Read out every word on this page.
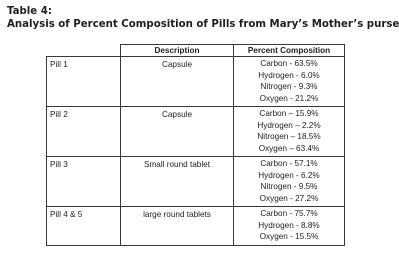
Table 4:
Analysis of Percent Composition of Pills from Mary’s Mother’s purse
	Description	Percent Composition
Pill 1	Capsule	Carbon - 63.5%
Hydrogen - 6.0%
Nitrogen - 9.3%
Oxygen - 21.2%

Pill 2	Capsule	Carbon – 15.9%
Hydrogen – 2.2%
Nitrogen – 18.5%
Oxygen – 63.4%

Pill 3	Small round tablet	Carbon - 57.1%
Hydrogen - 6.2%
Nitrogen - 9.5%
Oxygen - 27.2%

Pill 4 & 5	large round tablets	Carbon - 75.7%
Hydrogen - 8.8%
Oxygen - 15.5%
